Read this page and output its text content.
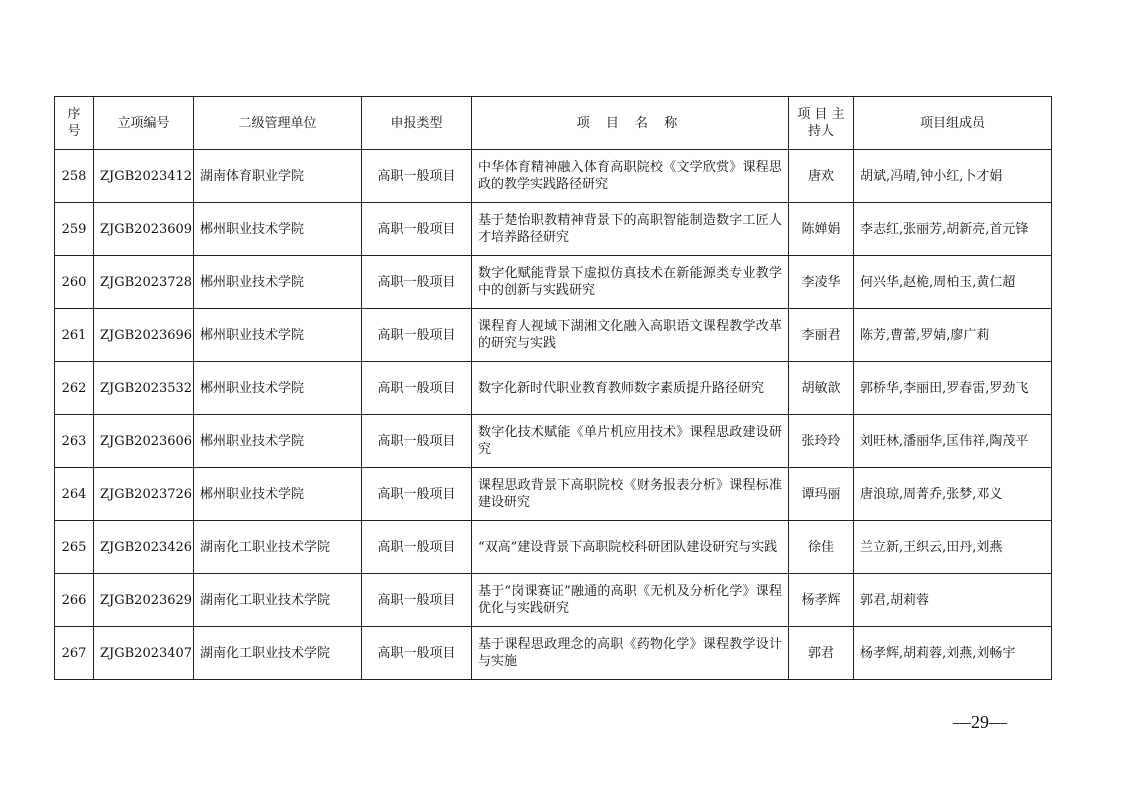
序号	立项编号	二级管理单位	申报类型	项 目 名 称	项 目 主持人	项目组成员
258	ZJGB2023412	湖南体育职业学院	高职一般项目	中华体育精神融入体育高职院校《文学欣赏》课程思政的教学实践路径研究	唐欢	胡斌,冯晴,钟小红,卜才娟
259	ZJGB2023609	郴州职业技术学院	高职一般项目	基于楚怡职教精神背景下的高职智能制造数字工匠人才培养路径研究	陈婵娟	李志红,张丽芳,胡新亮,首元锋
260	ZJGB2023728	郴州职业技术学院	高职一般项目	数字化赋能背景下虚拟仿真技术在新能源类专业教学中的创新与实践研究	李凌华	何兴华,赵桅,周柏玉,黄仁超
261	ZJGB2023696	郴州职业技术学院	高职一般项目	课程育人视域下湖湘文化融入高职语文课程教学改革的研究与实践	李丽君	陈芳,曹蕾,罗婧,廖广莉
262	ZJGB2023532	郴州职业技术学院	高职一般项目	数字化新时代职业教育教师数字素质提升路径研究	胡敏歆	郭桥华,李丽田,罗春雷,罗劲飞
263	ZJGB2023606	郴州职业技术学院	高职一般项目	数字化技术赋能《单片机应用技术》课程思政建设研究	张玲玲	刘旺林,潘丽华,匡伟祥,陶茂平
264	ZJGB2023726	郴州职业技术学院	高职一般项目	课程思政背景下高职院校《财务报表分析》课程标准建设研究	谭玛丽	唐浪琼,周菁乔,张梦,邓义
265	ZJGB2023426	湖南化工职业技术学院	高职一般项目	“双高”建设背景下高职院校科研团队建设研究与实践	徐佳	兰立新,王织云,田丹,刘燕
266	ZJGB2023629	湖南化工职业技术学院	高职一般项目	基于“岗课赛证”融通的高职《无机及分析化学》课程优化与实践研究	杨孝辉	郭君,胡莉蓉
267	ZJGB2023407	湖南化工职业技术学院	高职一般项目	基于课程思政理念的高职《药物化学》课程教学设计与实施	郭君	杨孝辉,胡莉蓉,刘燕,刘畅宇
—29—
